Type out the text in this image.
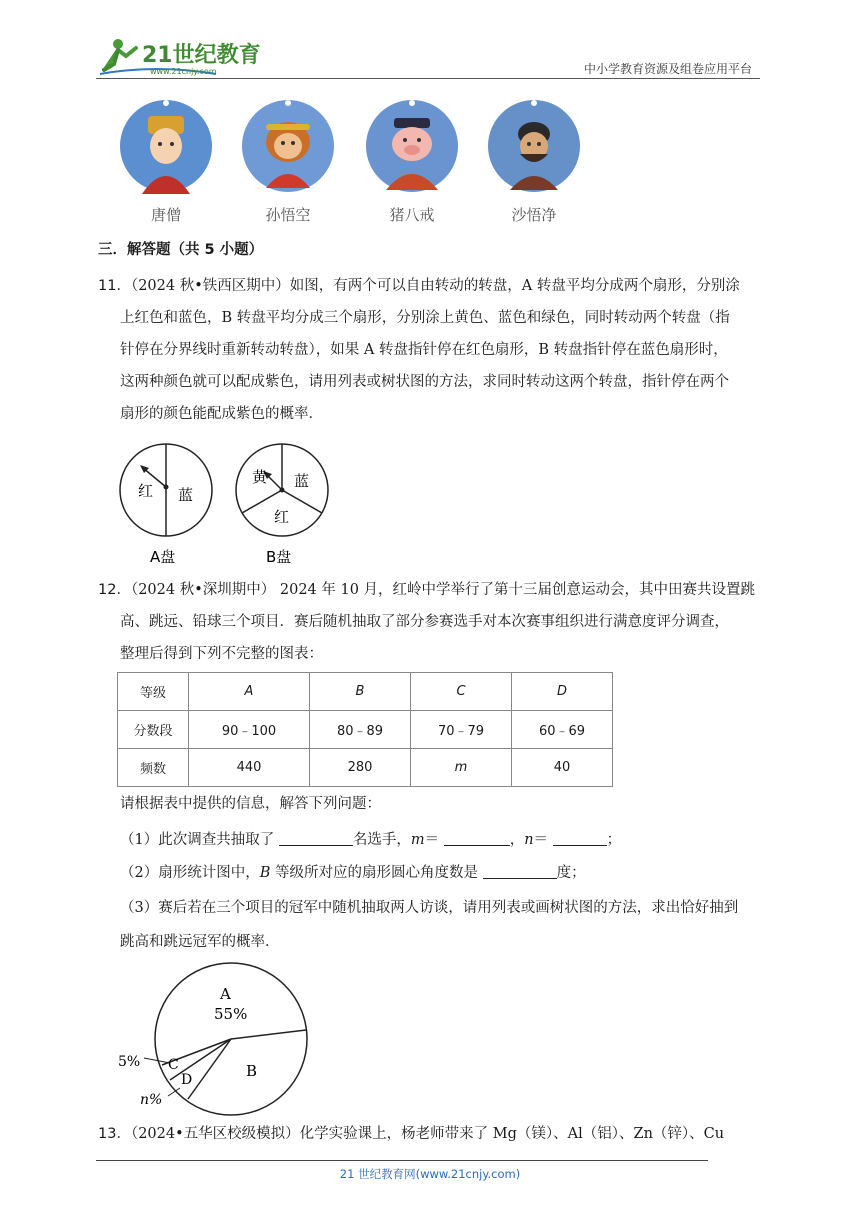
21世纪教育
www.21cnjy.com	中小学教育资源及组卷应用平台
唐僧	孙悟空	猪八戒	沙悟净
三．解答题（共 5 小题）
11．（2024 秋•铁西区期中）如图，有两个可以自由转动的转盘，A 转盘平均分成两个扇形，分别涂
上红色和蓝色，B 转盘平均分成三个扇形，分别涂上黄色、蓝色和绿色，同时转动两个转盘（指
针停在分界线时重新转动转盘），如果 A 转盘指针停在红色扇形，B 转盘指针停在蓝色扇形时，
这两种颜色就可以配成紫色，请用列表或树状图的方法，求同时转动这两个转盘，指针停在两个
扇形的颜色能配成紫色的概率．
红 蓝
A盘
黄 蓝
红
B盘
12．（2024 秋•深圳期中） 2024 年 10 月，红岭中学举行了第十三届创意运动会，其中田赛共设置跳
高、跳远、铅球三个项目．赛后随机抽取了部分参赛选手对本次赛事组织进行满意度评分调查，
整理后得到下列不完整的图表：
等级	A	B	C	D
分数段	90﹣100	80﹣89	70﹣79	60﹣69
频数	440	280	m	40
请根据表中提供的信息，解答下列问题：
（1）此次调查共抽取了	名选手，m＝	，n＝	；
（2）扇形统计图中，B 等级所对应的扇形圆心角度数是	度；
（3）赛后若在三个项目的冠军中随机抽取两人访谈，请用列表或画树状图的方法，求出恰好抽到
跳高和跳远冠军的概率．
A
55%
B
C
D
5%
n%
13．（2024•五华区校级模拟）化学实验课上，杨老师带来了 Mg（镁）、Al（铝）、Zn（锌）、Cu
21 世纪教育网(www.21cnjy.com)
